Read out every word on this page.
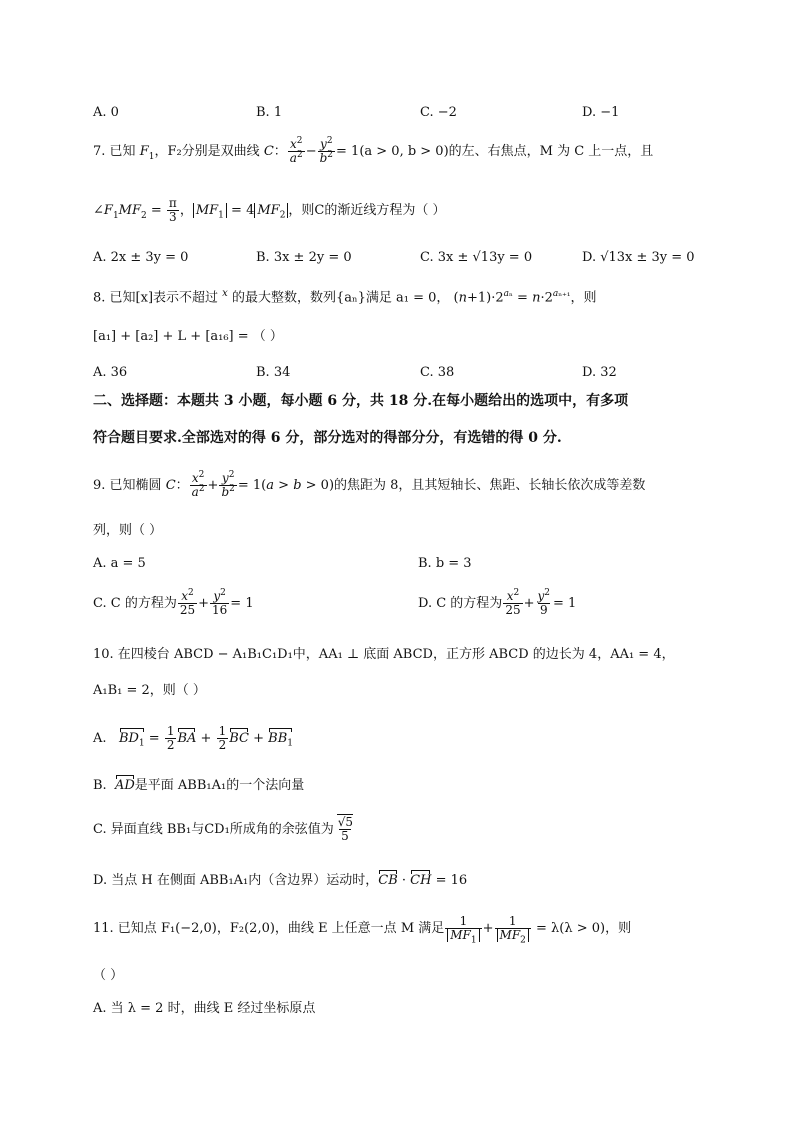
A. 0	B. 1	C. −2	D. −1
7. 已知 $F_1$，F₂分别是双曲线 C： $\frac{x^2}{a^2} - \frac{y^2}{b^2} = 1(a > 0$, b > 0)的左、右焦点，M 为 C 上一点，且
$\angle F_1MF_2 = \frac{\pi}{3}$ ， $MF_1 = 4$ $MF_2$ ，则C的渐近线方程为（ ）
A. 2x ± 3y = 0	B. 3x ± 2y = 0	C. 3x ± √13y = 0	D. √13x ± 3y = 0
8. 已知[x]表示不超过 $^x$ 的最大整数，数列{aₙ}满足 a₁ = 0， $(n+1)\cdot 2^{a_n} = n\cdot 2^{a_{n+1}}$，则
[a₁] + [a₂] + L + [a₁₆] = （ ）
A. 36	B. 34	C. 38	D. 32
二、选择题：本题共 3 小题，每小题 6 分，共 18 分.在每小题给出的选项中，有多项
符合题目要求.全部选对的得 6 分，部分选对的得部分分，有选错的得 0 分.
9. 已知椭圆 C： $\frac{x^2}{a^2} + \frac{y^2}{b^2} = 1(a > b > 0)$的焦距为 8，且其短轴长、焦距、长轴长依次成等差数
列，则（ ）
A. a = 5	B. b = 3
C. C 的方程为 $\frac{x^2}{25} + \frac{y^2}{16} = 1$	D. C 的方程为 $\frac{x^2}{25} + \frac{y^2}{9} = 1$
10. 在四棱台 ABCD − A₁B₁C₁D₁中，AA₁ ⊥ 底面 ABCD，正方形 ABCD 的边长为 4，AA₁ = 4，
A₁B₁ = 2，则（ ）
A. $BD_1 = \frac{1}{2}$ BA + $\frac{1}{2}$ BC + $BB_1$
B. AD是平面 ABB₁A₁的一个法向量
C. 异面直线 BB₁与CD₁所成角的余弦值为 $\frac{√5}{5}$
D. 当点 H 在侧面 ABB₁A₁内（含边界）运动时，CB · CH = 16
11. 已知点 F₁(−2,0)，F₂(2,0)，曲线 E 上任意一点 M 满足 $\frac{1}{MF_1} + \frac{1}{MF_2} = \lambda(\lambda > 0)$，则
（ ）
A. 当 λ = 2 时，曲线 E 经过坐标原点
